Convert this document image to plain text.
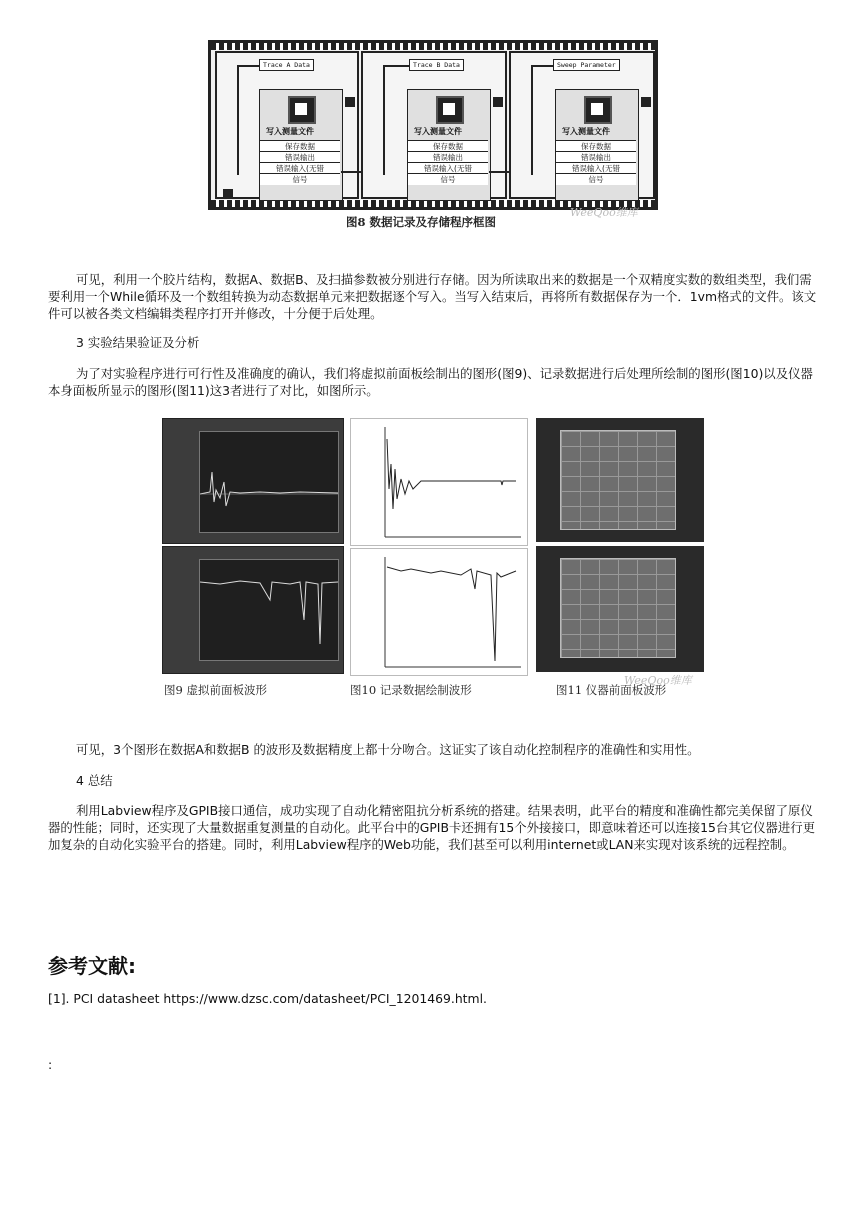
Trace A Data
写入测量文件
保存数据
错误输出
错误输入(无错
信号
Trace B Data
写入测量文件
保存数据
错误输出
错误输入(无错
信号
Sweep Parameter
写入测量文件
保存数据
错误输出
错误输入(无错
信号
WeeQoo维库
图8 数据记录及存储程序框图
可见，利用一个胶片结构，数据A、数据B、及扫描参数被分别进行存储。因为所读取出来的数据是一个双精度实数的数组类型，我们需要利用一个While循环及一个数组转换为动态数据单元来把数据逐个写入。当写入结束后，再将所有数据保存为一个．1vm格式的文件。该文件可以被各类文档编辑类程序打开并修改，十分便于后处理。
3 实验结果验证及分析
为了对实验程序进行可行性及准确度的确认，我们将虚拟前面板绘制出的图形(图9)、记录数据进行后处理所绘制的图形(图10)以及仪器本身面板所显示的图形(图11)这3者进行了对比，如图所示。
图9 虚拟前面板波形	图10 记录数据绘制波形	图11 仪器前面板波形
WeeQoo维库
可见，3个图形在数据A和数据B 的波形及数据精度上都十分吻合。这证实了该自动化控制程序的准确性和实用性。
4 总结
利用Labview程序及GPIB接口通信，成功实现了自动化精密阻抗分析系统的搭建。结果表明，此平台的精度和准确性都完美保留了原仪器的性能；同时，还实现了大量数据重复测量的自动化。此平台中的GPIB卡还拥有15个外接接口，即意味着还可以连接15台其它仪器进行更加复杂的自动化实验平台的搭建。同时，利用Labview程序的Web功能，我们甚至可以利用internet或LAN来实现对该系统的远程控制。
参考文献:
[1]. PCI datasheet https://www.dzsc.com/datasheet/PCI_1201469.html.
:
